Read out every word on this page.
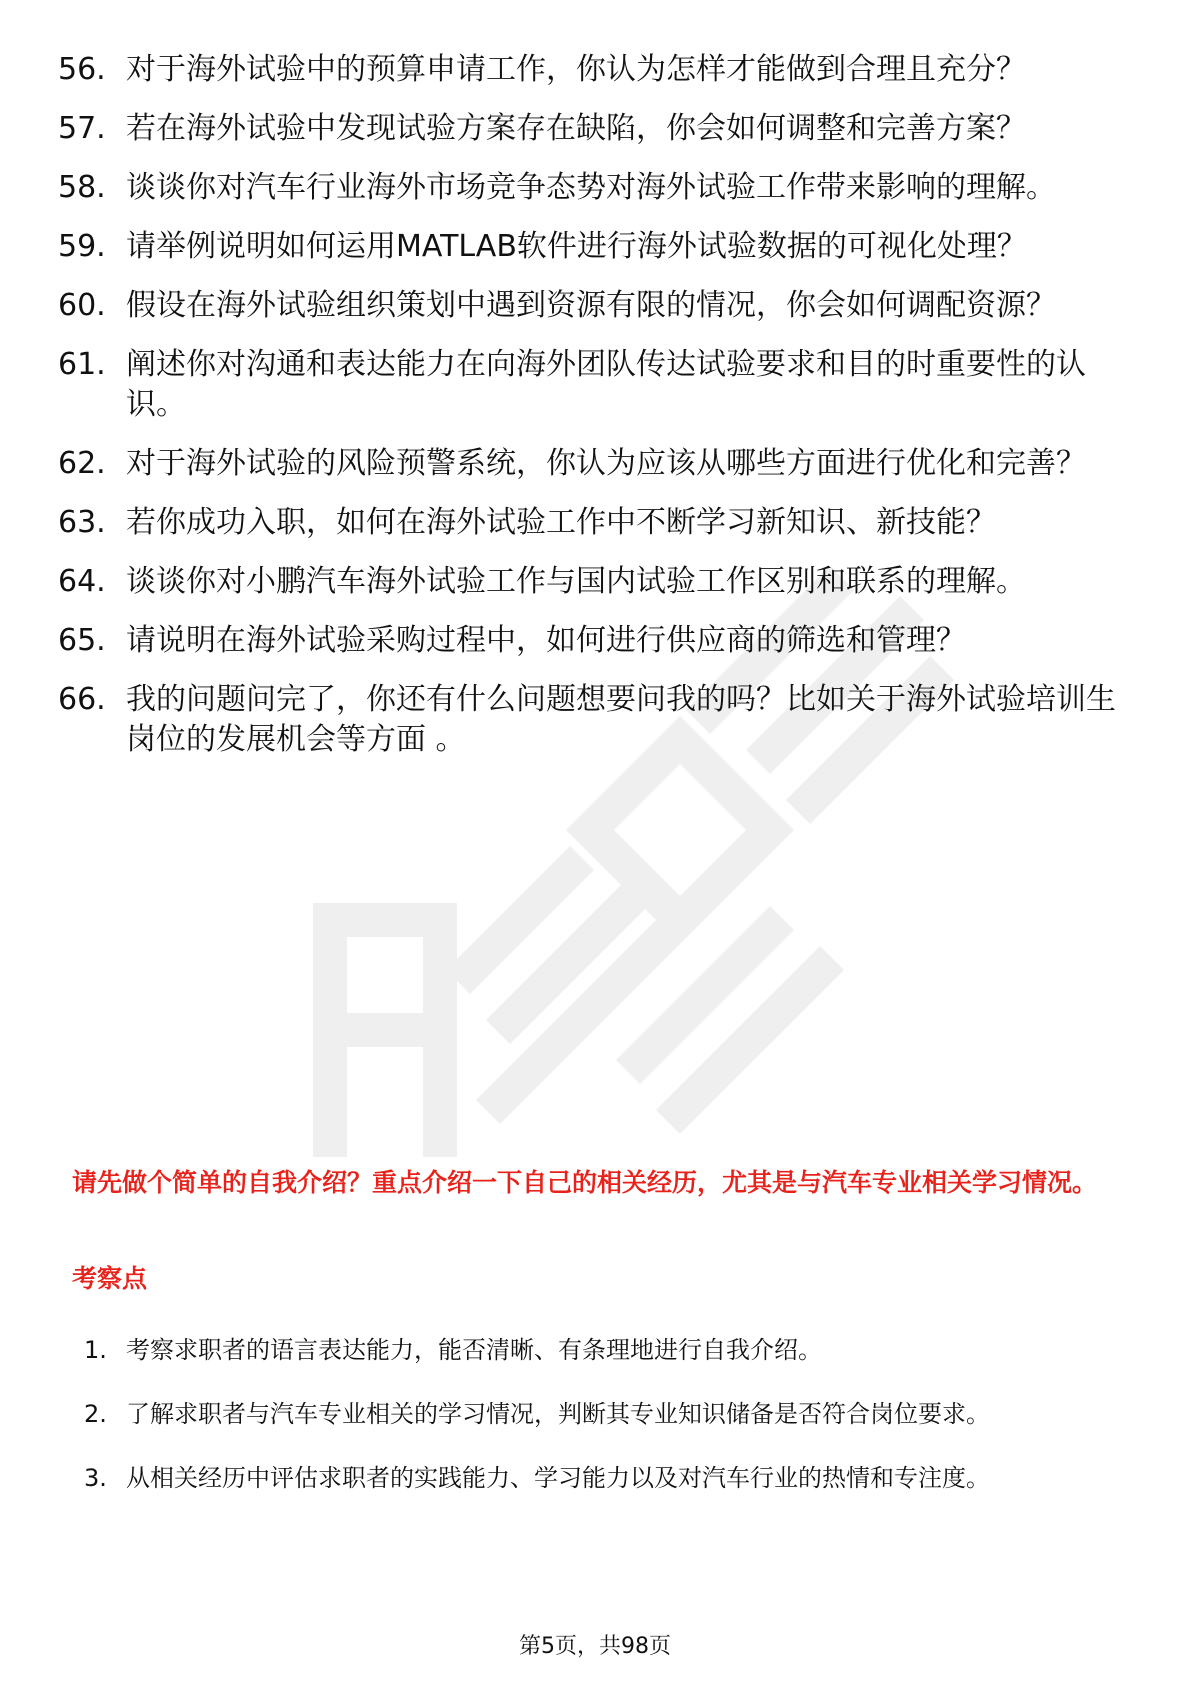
56. 对于海外试验中的预算申请工作，你认为怎样才能做到合理且充分？
57. 若在海外试验中发现试验方案存在缺陷，你会如何调整和完善方案？
58. 谈谈你对汽车行业海外市场竞争态势对海外试验工作带来影响的理解。
59. 请举例说明如何运用MATLAB软件进行海外试验数据的可视化处理？
60. 假设在海外试验组织策划中遇到资源有限的情况，你会如何调配资源？
61. 阐述你对沟通和表达能力在向海外团队传达试验要求和目的时重要性的认识。
62. 对于海外试验的风险预警系统，你认为应该从哪些方面进行优化和完善？
63. 若你成功入职，如何在海外试验工作中不断学习新知识、新技能？
64. 谈谈你对小鹏汽车海外试验工作与国内试验工作区别和联系的理解。
65. 请说明在海外试验采购过程中，如何进行供应商的筛选和管理？
66. 我的问题问完了，你还有什么问题想要问我的吗？比如关于海外试验培训生岗位的发展机会等方面 。

请先做个简单的自我介绍？重点介绍一下自己的相关经历，尤其是与汽车专业相关学习情况。

考察点

1. 考察求职者的语言表达能力，能否清晰、有条理地进行自我介绍。
2. 了解求职者与汽车专业相关的学习情况，判断其专业知识储备是否符合岗位要求。
3. 从相关经历中评估求职者的实践能力、学习能力以及对汽车行业的热情和专注度。
第5页，共98页
